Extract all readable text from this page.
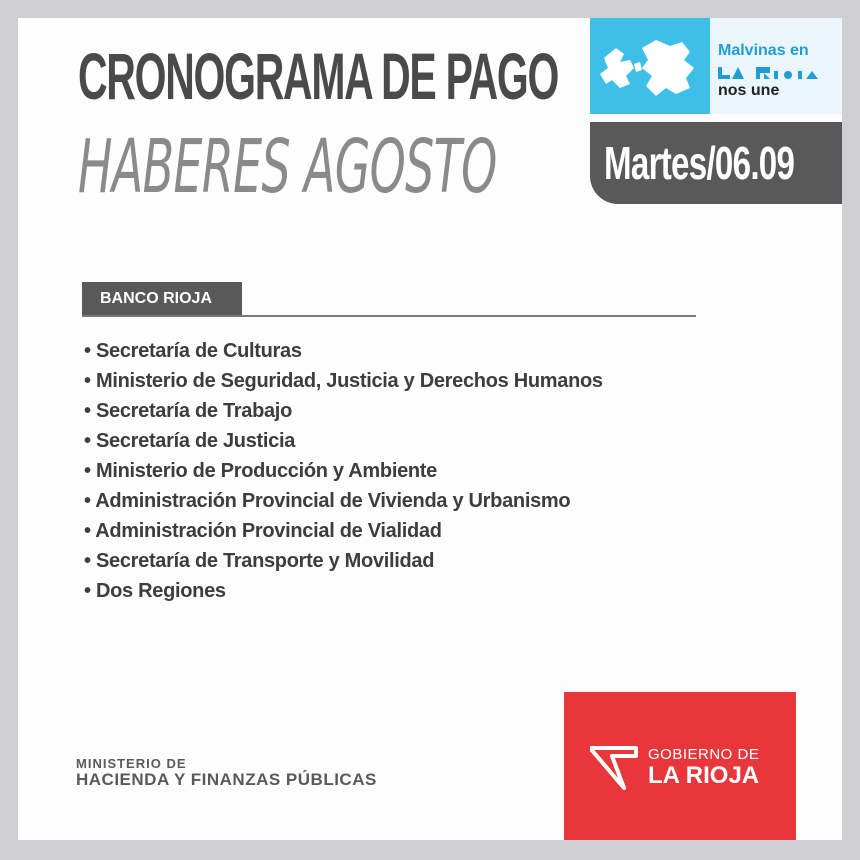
CRONOGRAMA DE PAGO
HABERES AGOSTO
Malvinas en
nos une
Martes/06.09
BANCO RIOJA
• Secretaría de Culturas
• Ministerio de Seguridad, Justicia y Derechos Humanos
• Secretaría de Trabajo
• Secretaría de Justicia
• Ministerio de Producción y Ambiente
• Administración Provincial de Vivienda y Urbanismo
• Administración Provincial de Vialidad
• Secretaría de Transporte y Movilidad
• Dos Regiones
MINISTERIO DE
HACIENDA Y FINANZAS PÚBLICAS
GOBIERNO DE
LA RIOJA
